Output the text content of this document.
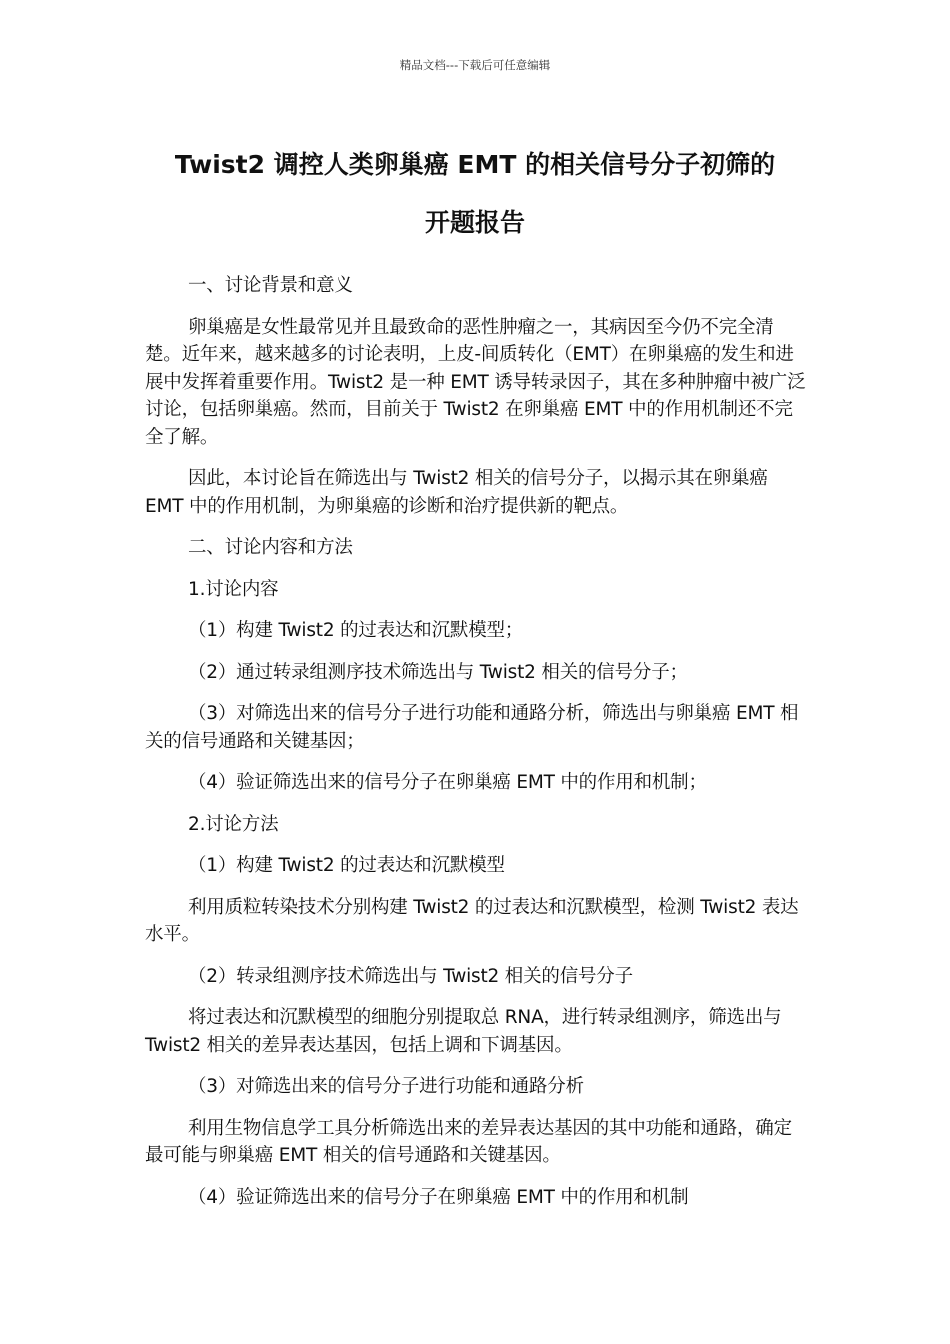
精品文档---下载后可任意编辑
Twist2 调控人类卵巢癌 EMT 的相关信号分子初筛的
开题报告

一、讨论背景和意义

卵巢癌是女性最常见并且最致命的恶性肿瘤之一，其病因至今仍不完全清楚。近年来，越来越多的讨论表明，上皮-间质转化（EMT）在卵巢癌的发生和进展中发挥着重要作用。Twist2 是一种 EMT 诱导转录因子，其在多种肿瘤中被广泛讨论，包括卵巢癌。然而，目前关于 Twist2 在卵巢癌 EMT 中的作用机制还不完全了解。

因此，本讨论旨在筛选出与 Twist2 相关的信号分子，以揭示其在卵巢癌 EMT 中的作用机制，为卵巢癌的诊断和治疗提供新的靶点。

二、讨论内容和方法

1.讨论内容

（1）构建 Twist2 的过表达和沉默模型；

（2）通过转录组测序技术筛选出与 Twist2 相关的信号分子；

（3）对筛选出来的信号分子进行功能和通路分析，筛选出与卵巢癌 EMT 相关的信号通路和关键基因；

（4）验证筛选出来的信号分子在卵巢癌 EMT 中的作用和机制；

2.讨论方法

（1）构建 Twist2 的过表达和沉默模型

利用质粒转染技术分别构建 Twist2 的过表达和沉默模型，检测 Twist2 表达水平。

（2）转录组测序技术筛选出与 Twist2 相关的信号分子

将过表达和沉默模型的细胞分别提取总 RNA，进行转录组测序，筛选出与 Twist2 相关的差异表达基因，包括上调和下调基因。

（3）对筛选出来的信号分子进行功能和通路分析

利用生物信息学工具分析筛选出来的差异表达基因的其中功能和通路，确定最可能与卵巢癌 EMT 相关的信号通路和关键基因。

（4）验证筛选出来的信号分子在卵巢癌 EMT 中的作用和机制
